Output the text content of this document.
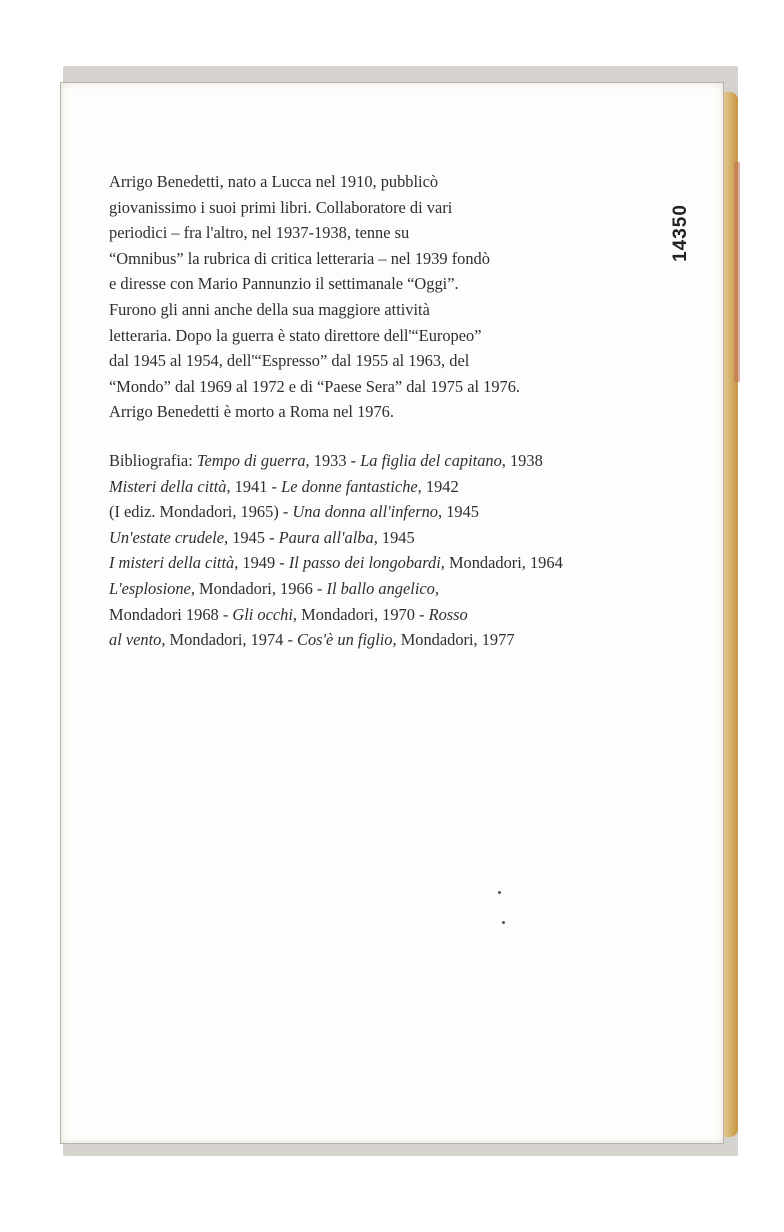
14350
Arrigo Benedetti, nato a Lucca nel 1910, pubblicò
giovanissimo i suoi primi libri. Collaboratore di vari
periodici – fra l'altro, nel 1937-1938, tenne su
“Omnibus” la rubrica di critica letteraria – nel 1939 fondò
e diresse con Mario Pannunzio il settimanale “Oggi”.
Furono gli anni anche della sua maggiore attività
letteraria. Dopo la guerra è stato direttore dell'“Europeo”
dal 1945 al 1954, dell'“Espresso” dal 1955 al 1963, del
“Mondo” dal 1969 al 1972 e di “Paese Sera” dal 1975 al 1976.
Arrigo Benedetti è morto a Roma nel 1976.
Bibliografia: Tempo di guerra, 1933 - La figlia del capitano, 1938
Misteri della città, 1941 - Le donne fantastiche, 1942
(I ediz. Mondadori, 1965) - Una donna all'inferno, 1945
Un'estate crudele, 1945 - Paura all'alba, 1945
I misteri della città, 1949 - Il passo dei longobardi, Mondadori, 1964
L'esplosione, Mondadori, 1966 - Il ballo angelico,
Mondadori 1968 - Gli occhi, Mondadori, 1970 - Rosso
al vento, Mondadori, 1974 - Cos'è un figlio, Mondadori, 1977
